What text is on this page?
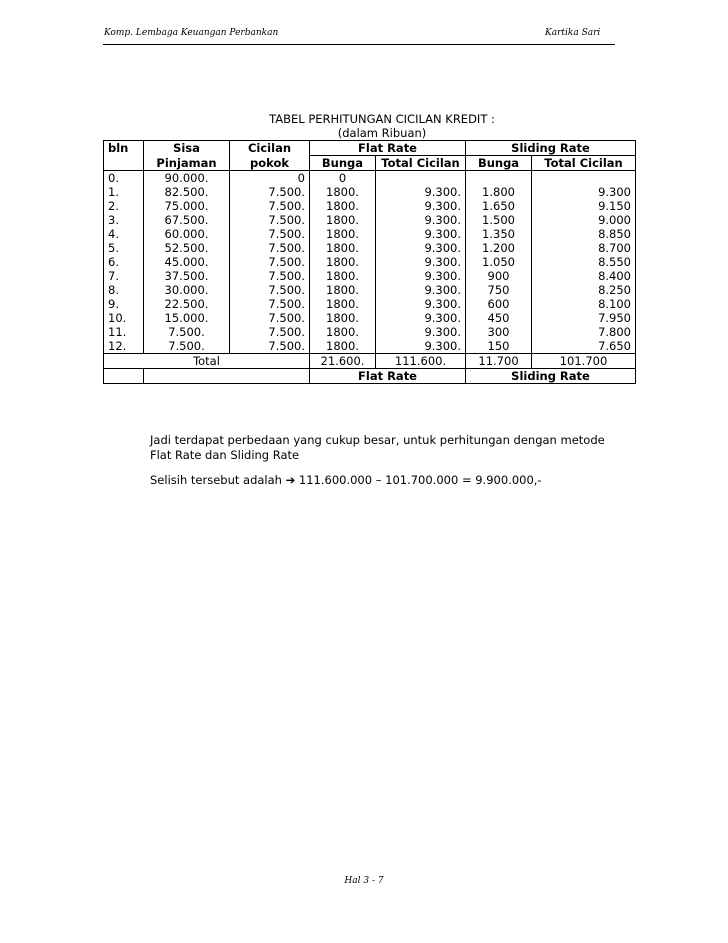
Komp. Lembaga Keuangan Perbankan	Kartika Sari
TABEL PERHITUNGAN CICILAN KREDIT :
(dalam Ribuan)
bln	Sisa	Cicilan	Flat Rate		Sliding Rate	
	Pinjaman	pokok	Bunga	Total Cicilan	Bunga	Total Cicilan
0.	90.000.	0	0			
1.	82.500.	7.500.	1800.	9.300.	1.800	9.300
2.	75.000.	7.500.	1800.	9.300.	1.650	9.150
3.	67.500.	7.500.	1800.	9.300.	1.500	9.000
4.	60.000.	7.500.	1800.	9.300.	1.350	8.850
5.	52.500.	7.500.	1800.	9.300.	1.200	8.700
6.	45.000.	7.500.	1800.	9.300.	1.050	8.550
7.	37.500.	7.500.	1800.	9.300.	900	8.400
8.	30.000.	7.500.	1800.	9.300.	750	8.250
9.	22.500.	7.500.	1800.	9.300.	600	8.100
10.	15.000.	7.500.	1800.	9.300.	450	7.950
11.	7.500.	7.500.	1800.	9.300.	300	7.800
12.	7.500.	7.500.	1800.	9.300.	150	7.650
Total			21.600.	111.600.	11.700	101.700
			Flat Rate		Sliding Rate	
Jadi terdapat perbedaan yang cukup besar, untuk perhitungan dengan metode Flat Rate dan Sliding Rate
Selisih tersebut adalah ➔ 111.600.000 – 101.700.000 = 9.900.000,-
Hal 3 - 7
